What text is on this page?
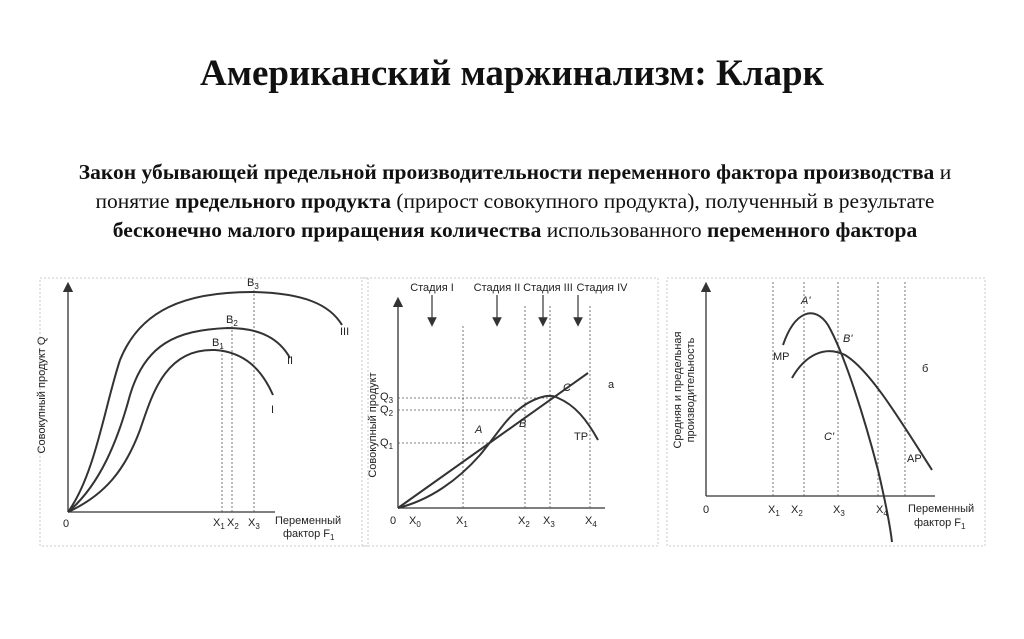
Американский маржинализм: Кларк

Закон убывающей предельной производительности переменного фактора производства и понятие предельного продукта (прирост совокупного продукта), полученный в результате бесконечно малого приращения количества использованного переменного фактора

Совокупный продукт Q
0	$X_1$ $X_2$ $X_3$ Переменный
фактор $F_1$
$B_1$
$B_2$
$B_3$
I
II
III
Совокупный продукт
Стадия I Стадия II Стадия III Стадия IV
0 $X_0$	$X_1$	$X_2$ $X_3$	$X_4$
$Q_3$
$Q_2$
$Q_1$
A	B
C
TP
а	Средняя и предельная производительность
0	$X_1$ $X_2$	$X_3$	$X_4$ Переменный
фактор $F_1$
A'
B'
C'
MP
AP
б
